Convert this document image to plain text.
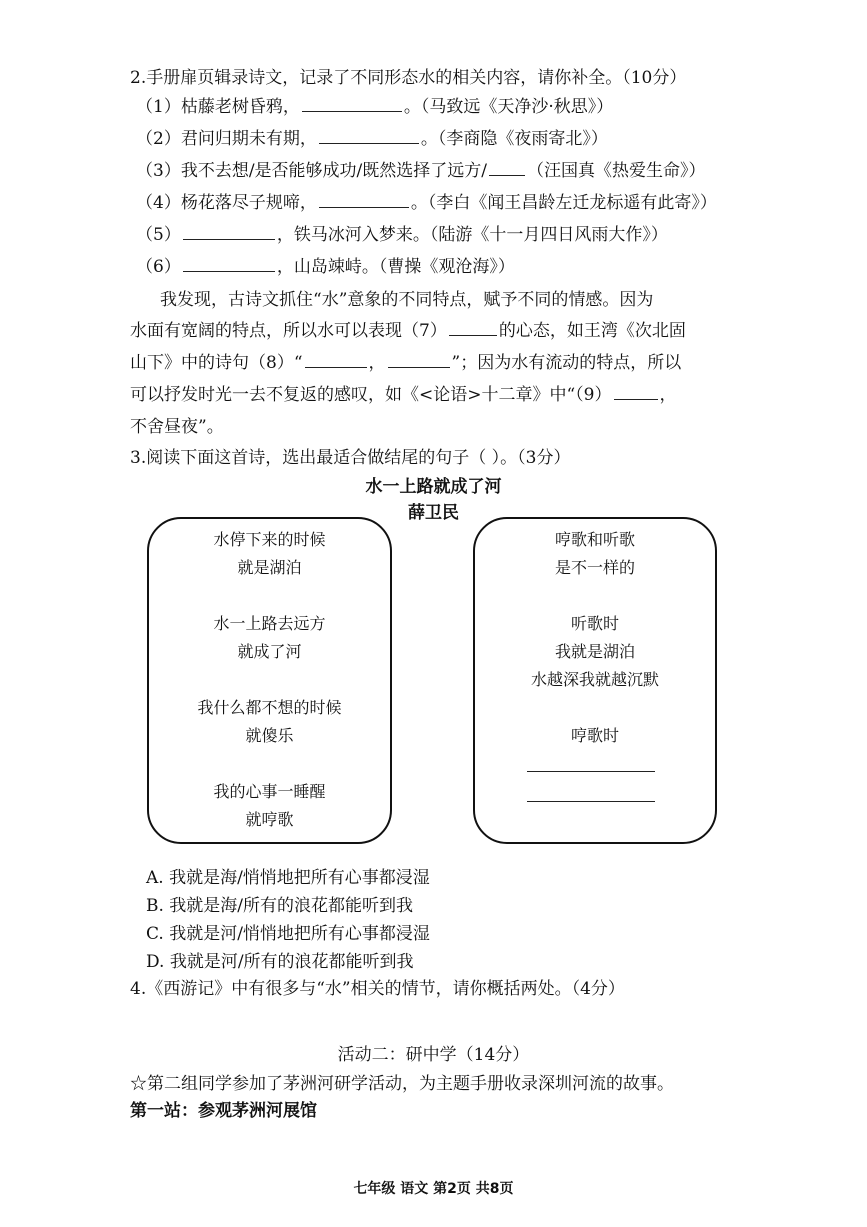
2.手册扉页辑录诗文，记录了不同形态水的相关内容，请你补全。（10分）
（1）枯藤老树昏鸦，	。（马致远《天净沙·秋思》）
（2）君问归期未有期，	。（李商隐《夜雨寄北》）
（3）我不去想/是否能够成功/既然选择了远方/ （汪国真《热爱生命》）
（4）杨花落尽子规啼，	。（李白《闻王昌龄左迁龙标遥有此寄》）
（5）	，铁马冰河入梦来。（陆游《十一月四日风雨大作》）
（6）	，山岛竦峙。（曹操《观沧海》）
我发现，古诗文抓住“水”意象的不同特点，赋予不同的情感。因为
水面有宽阔的特点，所以水可以表现（7）	的心态，如王湾《次北固
山下》中的诗句（8）“	，	”；因为水有流动的特点，所以
可以抒发时光一去不复返的感叹，如《<论语>十二章》中“（9）	，
不舍昼夜”。
3.阅读下面这首诗，选出最适合做结尾的句子（ ）。（3分）
水一上路就成了河
薛卫民
水停下来的时候
就是湖泊
水一上路去远方
就成了河
我什么都不想的时候
就傻乐
我的心事一睡醒
就哼歌
哼歌和听歌
是不一样的
听歌时
我就是湖泊
水越深我就越沉默
哼歌时
A. 我就是海/悄悄地把所有心事都浸湿
B. 我就是海/所有的浪花都能听到我
C. 我就是河/悄悄地把所有心事都浸湿
D. 我就是河/所有的浪花都能听到我
4.《西游记》中有很多与“水”相关的情节，请你概括两处。（4分）
活动二：研中学（14分）
☆第二组同学参加了茅洲河研学活动，为主题手册收录深圳河流的故事。
第一站：参观茅洲河展馆
七年级 语文 第2页 共8页
